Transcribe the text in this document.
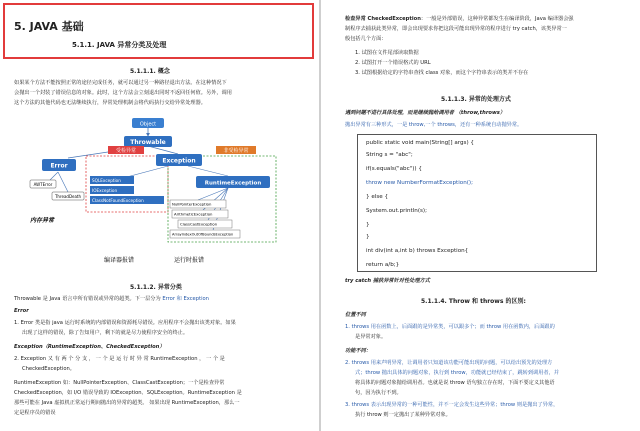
5. JAVA 基础
5.1.1. JAVA 异常分类及处理
5.1.1.1. 概念
如果某个方法不能按照正常的途径完成任务，就可以通过另一种路径退出方法。在这种情况下
会抛出一个封装了错误信息的对象。此时，这个方法会立刻退出同时不返回任何值。另外，调用
这个方法的其他代码也无法继续执行，异常处理机制会将代码执行交给异常处理器。
Object
Throwable
Error
Exception
受检异常	非受检异常
AWTError
ThreadDeath
SQLException
IOException
ClassNotFoundException
RuntimeException
NullPointerException
ArithmeticException
ClassCastException
ArrayIndexOutOfBoundsException
内存异常
编译器报错	运行时报错
5.1.1.2. 异常分类
Throwable 是 Java 语言中所有错误或异常的超类。下一层分为 Error 和 Exception
Error
1. Error 类是指 java 运行时系统的内部错误和资源耗尽错误。应用程序不会抛出该类对象。如果
出现了这样的错误，除了告知用户，剩下的就是尽力使程序安全的终止。
Exception（RuntimeException、CheckedException）
2. Exception 又 有 两 个 分 支 ， 一 个 是 运 行 时 异 常 RuntimeException ， 一 个 是
CheckedException。
RuntimeException 如：NullPointerException、ClassCastException；一个是检查异常
CheckedException，如 I/O 错误导致的 IOException、SQLException。RuntimeException 是
那些可能在 Java 虚拟机正常运行期间抛出的异常的超类。 如果出现 RuntimeException，那么一
定是程序员的错误
检查异常 CheckedException：一般是外部错误，这种异常都发生在编译阶段，Java 编译器会强
制程序去捕获此类异常，即会出现要求你把这段可能出现异常的程序进行 try catch，该类异常一
般包括几个方面：
1. 试图在文件尾部读取数据
2. 试图打开一个错误格式的 URL
3. 试图根据给定的字符串查找 class 对象，而这个字符串表示的类并不存在
5.1.1.3. 异常的处理方式
遇到问题不进行具体处理，而是继续抛给调用者 （throw,throws）
抛出异常有三种形式，一是 throw,一个 throws，还有一种系统自动抛异常。
public static void main(String[] args) {
String s = "abc";
if(s.equals("abc")) {
throw new NumberFormatException();
} else {
System.out.println(s);
}
}
int div(int a,int b) throws Exception{
return a/b;}
try catch 捕获异常针对性处理方式
5.1.1.4. Throw 和 throws 的区别:
位置不同
1. throws 用在函数上，后面跟的是异常类，可以跟多个；而 throw 用在函数内，后面跟的
是异常对象。
功能不同：
2. throws 用来声明异常，让调用者只知道该功能可能出现的问题，可以给出预先的处理方
式；throw 抛出具体的问题对象，执行到 throw，功能就已经结束了，跳转到调用者，并
将具体的问题对象抛给调用者。也就是说 throw 语句独立存在时，下面不要定义其他语
句，因为执行不到。
3. throws 表示出现异常的一种可能性，并不一定会发生这些异常；throw 则是抛出了异常，
执行 throw 则一定抛出了某种异常对象。
